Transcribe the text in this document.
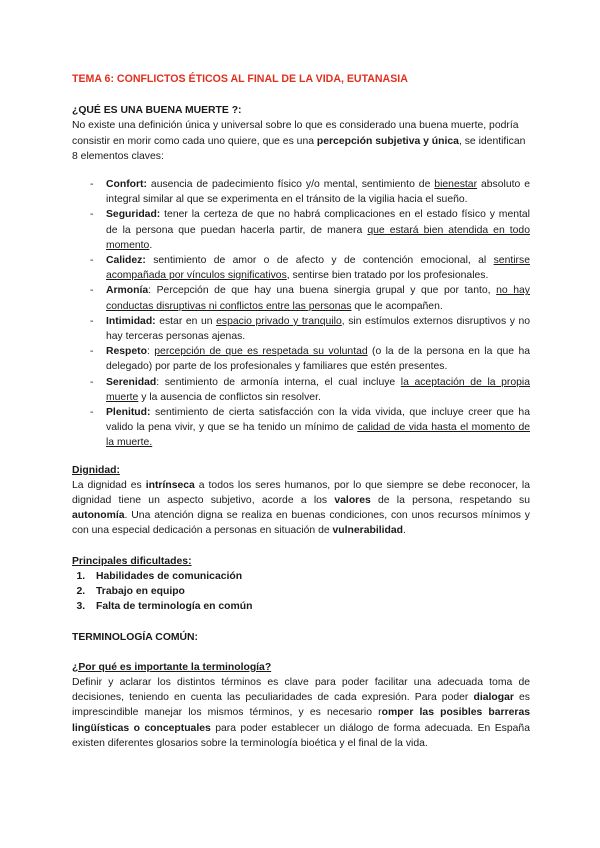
TEMA 6: CONFLICTOS ÉTICOS AL FINAL DE LA VIDA, EUTANASIA

¿QUÉ ES UNA BUENA MUERTE ?:

No existe una definición única y universal sobre lo que es considerado una buena muerte, podría consistir en morir como cada uno quiere, que es una percepción subjetiva y única, se identifican 8 elementos claves:

- Confort: ausencia de padecimiento físico y/o mental, sentimiento de bienestar absoluto e integral similar al que se experimenta en el tránsito de la vigilia hacia el sueño.
- Seguridad: tener la certeza de que no habrá complicaciones en el estado físico y mental de la persona que puedan hacerla partir, de manera que estará bien atendida en todo momento.
- Calidez: sentimiento de amor o de afecto y de contención emocional, al sentirse acompañada por vínculos significativos, sentirse bien tratado por los profesionales.
- Armonía: Percepción de que hay una buena sinergia grupal y que por tanto, no hay conductas disruptivas ni conflictos entre las personas que le acompañen.
- Intimidad: estar en un espacio privado y tranquilo, sin estímulos externos disruptivos y no hay terceras personas ajenas.
- Respeto: percepción de que es respetada su voluntad (o la de la persona en la que ha delegado) por parte de los profesionales y familiares que estén presentes.
- Serenidad: sentimiento de armonía interna, el cual incluye la aceptación de la propia muerte y la ausencia de conflictos sin resolver.
- Plenitud: sentimiento de cierta satisfacción con la vida vivida, que incluye creer que ha valido la pena vivir, y que se ha tenido un mínimo de calidad de vida hasta el momento de la muerte.

Dignidad:

La dignidad es intrínseca a todos los seres humanos, por lo que siempre se debe reconocer, la dignidad tiene un aspecto subjetivo, acorde a los valores de la persona, respetando su autonomía. Una atención digna se realiza en buenas condiciones, con unos recursos mínimos y con una especial dedicación a personas en situación de vulnerabilidad.

Principales dificultades:

1. Habilidades de comunicación
2. Trabajo en equipo
3. Falta de terminología en común

TERMINOLOGÍA COMÚN:

¿Por qué es importante la terminología?

Definir y aclarar los distintos términos es clave para poder facilitar una adecuada toma de decisiones, teniendo en cuenta las peculiaridades de cada expresión. Para poder dialogar es imprescindible manejar los mismos términos, y es necesario romper las posibles barreras lingüísticas o conceptuales para poder establecer un diálogo de forma adecuada. En España existen diferentes glosarios sobre la terminología bioética y el final de la vida.
